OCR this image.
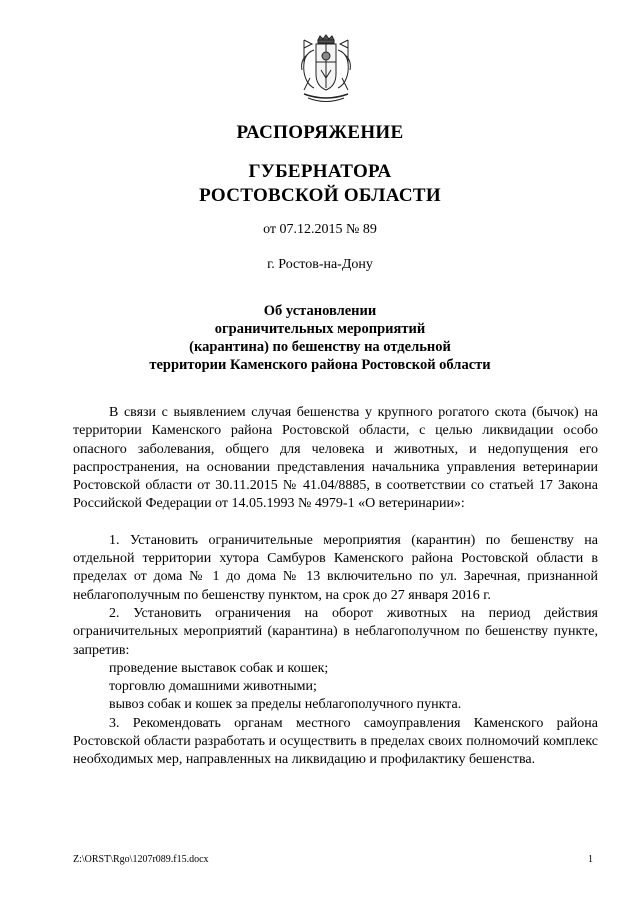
РАСПОРЯЖЕНИЕ
ГУБЕРНАТОРА
РОСТОВСКОЙ ОБЛАСТИ
от 07.12.2015 № 89
г. Ростов-на-Дону
Об установлении
ограничительных мероприятий
(карантина) по бешенству на отдельной
территории Каменского района Ростовской области

В связи с выявлением случая бешенства у крупного рогатого скота (бычок) на территории Каменского района Ростовской области, с целью ликвидации особо опасного заболевания, общего для человека и животных, и недопущения его распространения, на основании представления начальника управления ветеринарии Ростовской области от 30.11.2015 № 41.04/8885, в соответствии со статьей 17 Закона Российской Федерации от 14.05.1993 № 4979-1 «О ветеринарии»:

1. Установить ограничительные мероприятия (карантин) по бешенству на отдельной территории хутора Самбуров Каменского района Ростовской области в пределах от дома № 1 до дома № 13 включительно по ул. Заречная, признанной неблагополучным по бешенству пунктом, на срок до 27 января 2016 г.

2. Установить ограничения на оборот животных на период действия ограничительных мероприятий (карантина) в неблагополучном по бешенству пункте, запретив:

проведение выставок собак и кошек;

торговлю домашними животными;

вывоз собак и кошек за пределы неблагополучного пункта.

3. Рекомендовать органам местного самоуправления Каменского района Ростовской области разработать и осуществить в пределах своих полномочий комплекс необходимых мер, направленных на ликвидацию и профилактику бешенства.

Z:\ORST\Rgo\1207r089.f15.docx	1
